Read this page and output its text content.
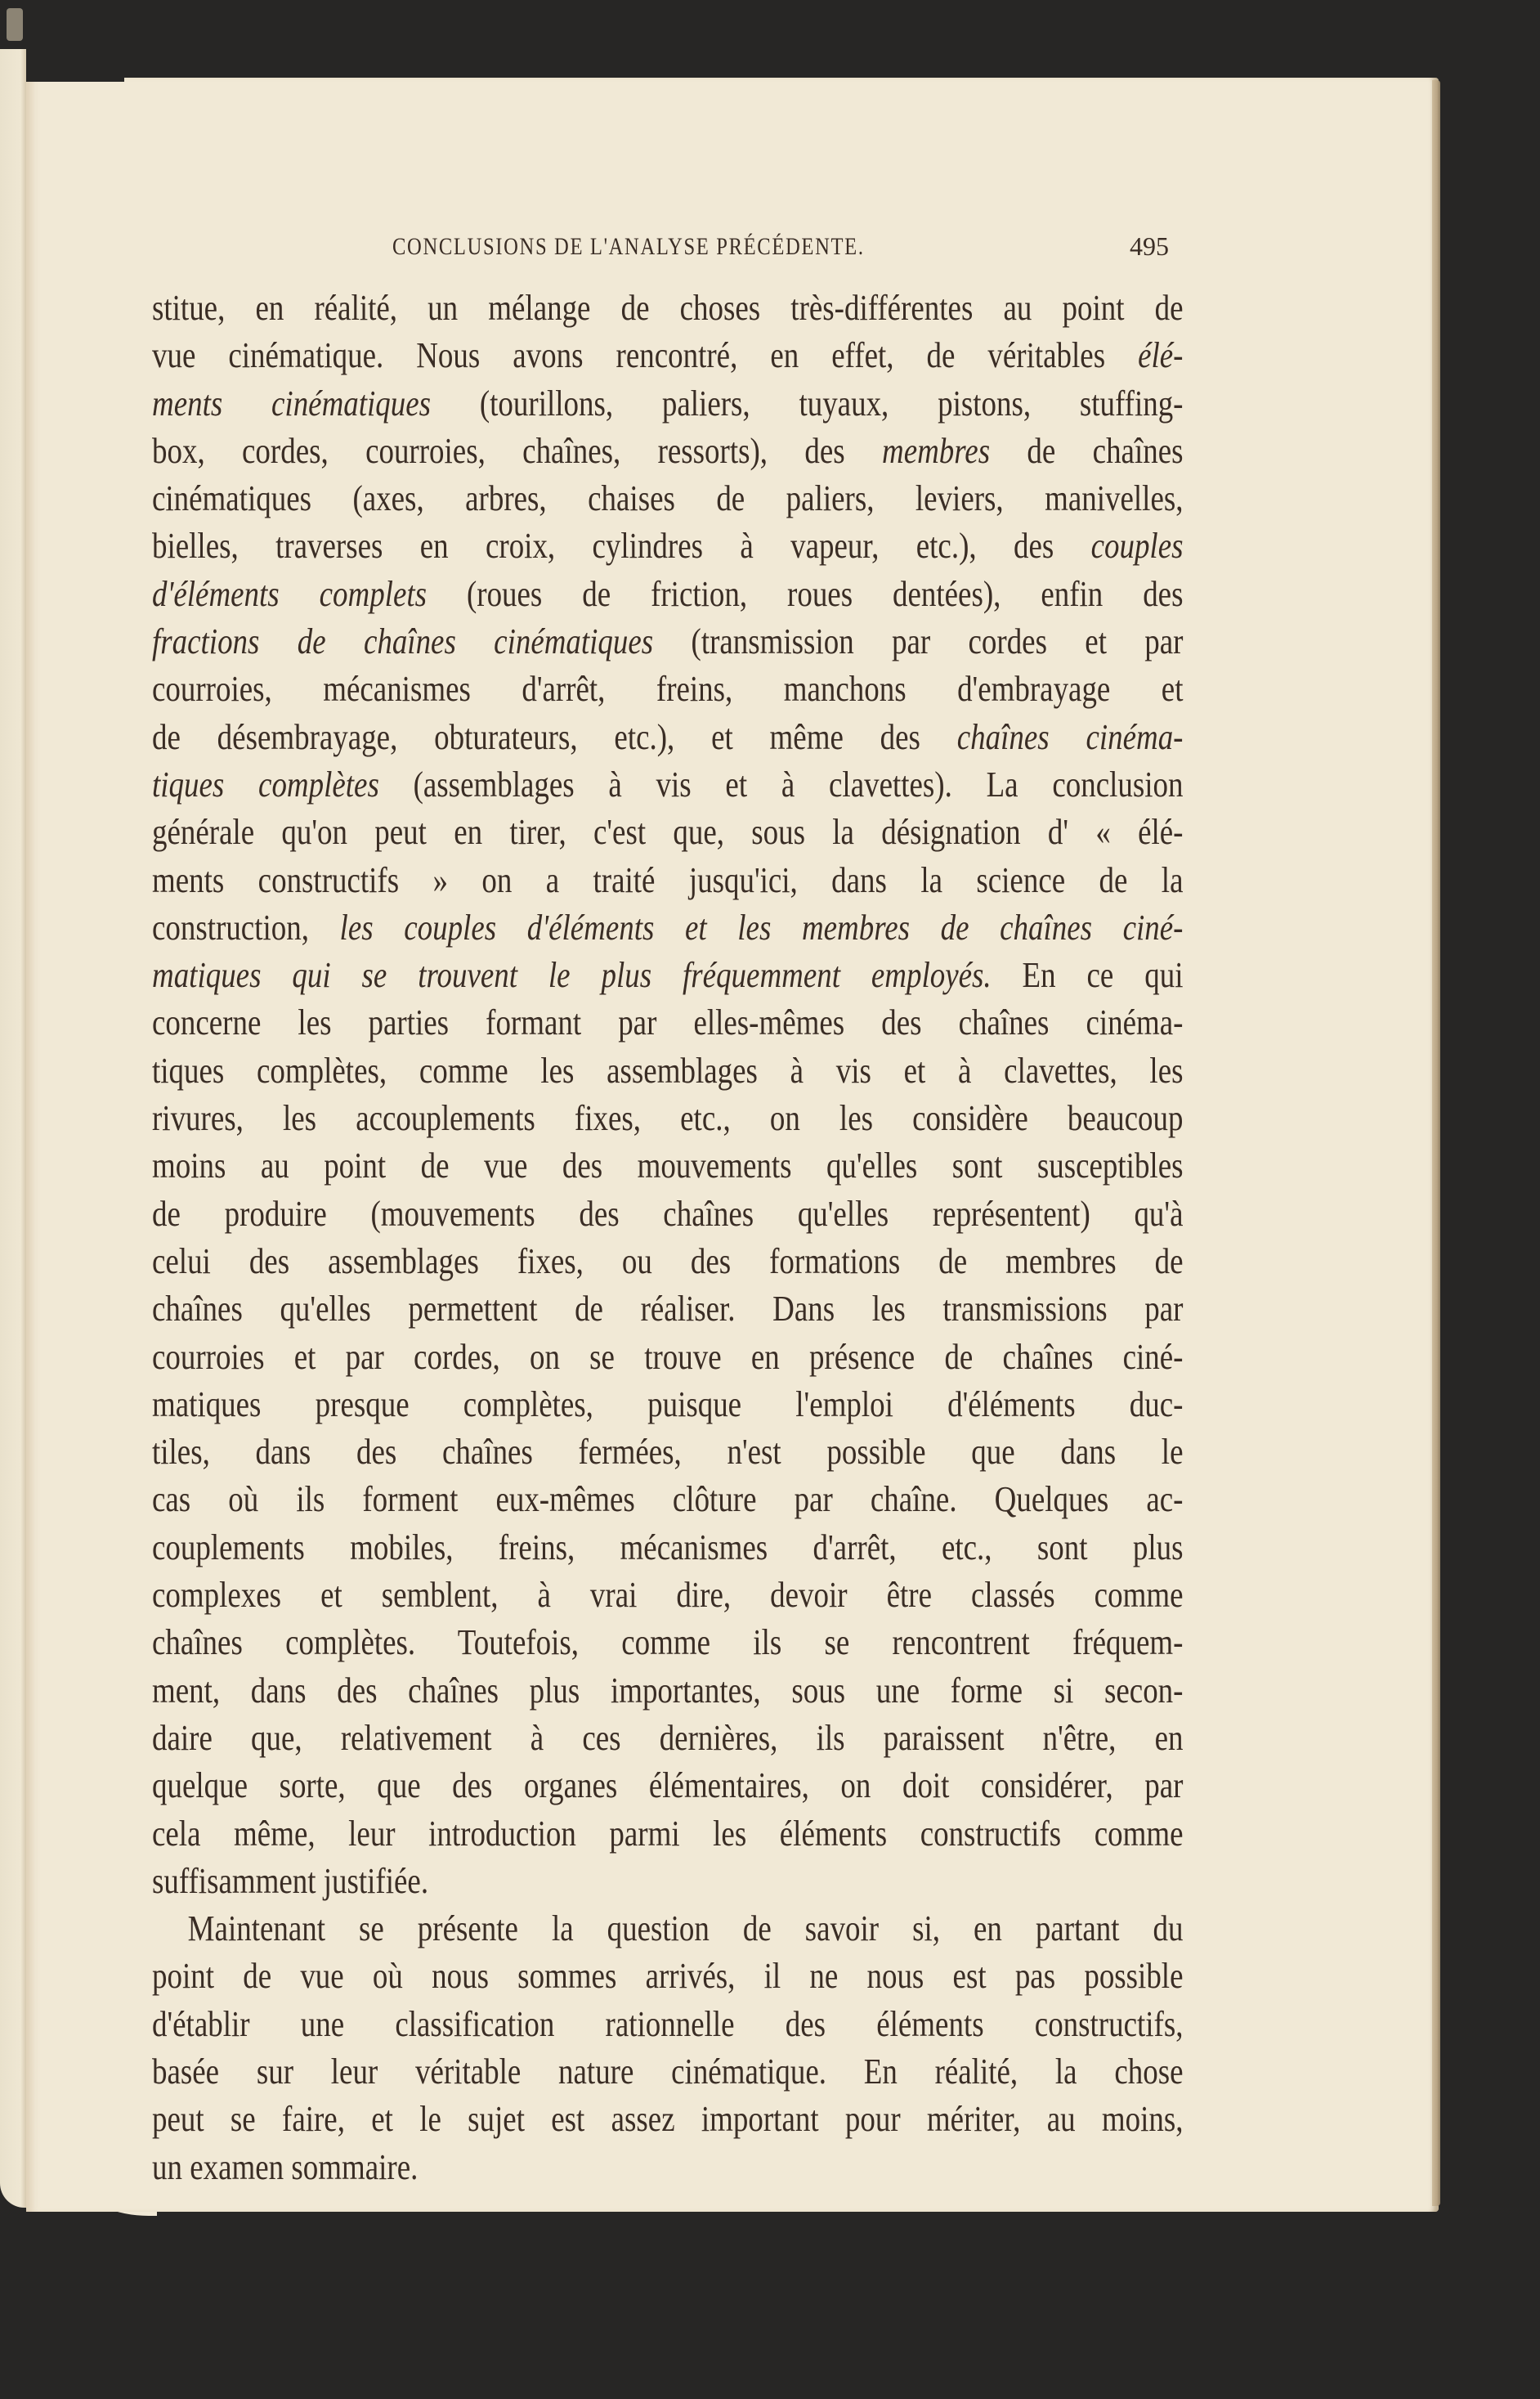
CONCLUSIONS DE L'ANALYSE PRÉCÉDENTE.	495
stitue, en réalité, un mélange de choses très-différentes au point de
vue cinématique. Nous avons rencontré, en effet, de véritables élé-
ments cinématiques (tourillons, paliers, tuyaux, pistons, stuffing-
box, cordes, courroies, chaînes, ressorts), des membres de chaînes
cinématiques (axes, arbres, chaises de paliers, leviers, manivelles,
bielles, traverses en croix, cylindres à vapeur, etc.), des couples
d'éléments complets (roues de friction, roues dentées), enfin des
fractions de chaînes cinématiques (transmission par cordes et par
courroies, mécanismes d'arrêt, freins, manchons d'embrayage et
de désembrayage, obturateurs, etc.), et même des chaînes cinéma-
tiques complètes (assemblages à vis et à clavettes). La conclusion
générale qu'on peut en tirer, c'est que, sous la désignation d' « élé-
ments constructifs » on a traité jusqu'ici, dans la science de la
construction, les couples d'éléments et les membres de chaînes ciné-
matiques qui se trouvent le plus fréquemment employés. En ce qui
concerne les parties formant par elles-mêmes des chaînes cinéma-
tiques complètes, comme les assemblages à vis et à clavettes, les
rivures, les accouplements fixes, etc., on les considère beaucoup
moins au point de vue des mouvements qu'elles sont susceptibles
de produire (mouvements des chaînes qu'elles représentent) qu'à
celui des assemblages fixes, ou des formations de membres de
chaînes qu'elles permettent de réaliser. Dans les transmissions par
courroies et par cordes, on se trouve en présence de chaînes ciné-
matiques presque complètes, puisque l'emploi d'éléments duc-
tiles, dans des chaînes fermées, n'est possible que dans le
cas où ils forment eux-mêmes clôture par chaîne. Quelques ac-
couplements mobiles, freins, mécanismes d'arrêt, etc., sont plus
complexes et semblent, à vrai dire, devoir être classés comme
chaînes complètes. Toutefois, comme ils se rencontrent fréquem-
ment, dans des chaînes plus importantes, sous une forme si secon-
daire que, relativement à ces dernières, ils paraissent n'être, en
quelque sorte, que des organes élémentaires, on doit considérer, par
cela même, leur introduction parmi les éléments constructifs comme
suffisamment justifiée.
Maintenant se présente la question de savoir si, en partant du
point de vue où nous sommes arrivés, il ne nous est pas possible
d'établir une classification rationnelle des éléments constructifs,
basée sur leur véritable nature cinématique. En réalité, la chose
peut se faire, et le sujet est assez important pour mériter, au moins,
un examen sommaire.
